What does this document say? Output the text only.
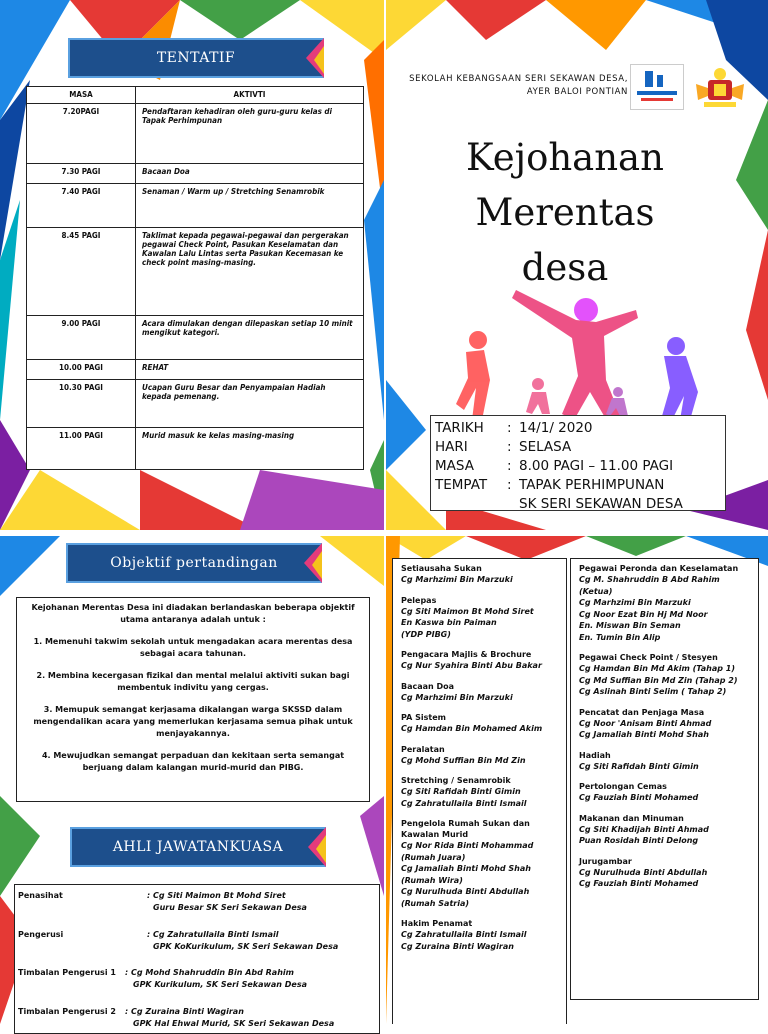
TENTATIF
MASA	AKTIVTI
7.20PAGI	Pendaftaran kehadiran oleh guru-guru kelas di Tapak Perhimpunan
7.30 PAGI	Bacaan Doa
7.40 PAGI	Senaman / Warm up / Stretching Senamrobik
8.45 PAGI	Taklimat kepada pegawai-pegawai dan pergerakan pegawai Check Point, Pasukan Keselamatan dan Kawalan Lalu Lintas serta Pasukan Kecemasan ke check point masing-masing.
9.00 PAGI	Acara dimulakan dengan dilepaskan setiap 10 minit mengikut kategori.
10.00 PAGI	REHAT
10.30 PAGI	Ucapan Guru Besar dan Penyampaian Hadiah kepada pemenang.
11.00 PAGI	Murid masuk ke kelas masing-masing
SEKOLAH KEBANGSAAN SERI SEKAWAN DESA,
AYER BALOI PONTIAN
Kejohanan
Merentas
desa
TARIKH	: 14/1/ 2020
HARI	: SELASA
MASA	: 8.00 PAGI – 11.00 PAGI
TEMPAT	: TAPAK PERHIMPUNAN
SK SERI SEKAWAN DESA
Objektif pertandingan

Kejohanan Merentas Desa ini diadakan berlandaskan beberapa objektif utama antaranya adalah untuk :

1. Memenuhi takwim sekolah untuk mengadakan acara merentas desa sebagai acara tahunan.

2. Membina kecergasan fizikal dan mental melalui aktiviti sukan bagi membentuk indivitu yang cergas.

3. Memupuk semangat kerjasama dikalangan warga SKSSD dalam mengendalikan acara yang memerlukan kerjasama semua pihak untuk menjayakannya.

4. Mewujudkan semangat perpaduan dan kekitaan serta semangat berjuang dalam kalangan murid-murid dan PIBG.

AHLI JAWATANKUASA
Penasihat	: Cg Siti Maimon Bt Mohd Siret
Guru Besar SK Seri Sekawan Desa
Pengerusi	: Cg Zahratullaila Binti Ismail
GPK KoKurikulum, SK Seri Sekawan Desa
Timbalan Pengerusi 1 : Cg Mohd Shahruddin Bin Abd Rahim
GPK Kurikulum, SK Seri Sekawan Desa
Timbalan Pengerusi 2 : Cg Zuraina Binti Wagiran
GPK Hal Ehwal Murid, SK Seri Sekawan Desa
Setiausaha Sukan
Cg Marhzimi Bin Marzuki
Pelepas
Cg Siti Maimon Bt Mohd Siret
En Kaswa bin Paiman
(YDP PIBG)
Pengacara Majlis & Brochure
Cg Nur Syahira Binti Abu Bakar
Bacaan Doa
Cg Marhzimi Bin Marzuki
PA Sistem
Cg Hamdan Bin Mohamed Akim
Peralatan
Cg Mohd Suffian Bin Md Zin
Stretching / Senamrobik
Cg Siti Rafidah Binti Gimin
Cg Zahratullaila Binti Ismail
Pengelola Rumah Sukan dan Kawalan Murid
Cg Nor Rida Binti Mohammad
(Rumah Juara)
Cg Jamaliah Binti Mohd Shah
(Rumah Wira)
Cg Nurulhuda Binti Abdullah
(Rumah Satria)
Hakim Penamat
Cg Zahratullaila Binti Ismail
Cg Zuraina Binti Wagiran
Pegawai Peronda dan Keselamatan
Cg M. Shahruddin B Abd Rahim (Ketua)
Cg Marhzimi Bin Marzuki
Cg Noor Ezat Bin Hj Md Noor
En. Miswan Bin Seman
En. Tumin Bin Alip
Pegawai Check Point / Stesyen
Cg Hamdan Bin Md Akim (Tahap 1)
Cg Md Suffian Bin Md Zin (Tahap 2)
Cg Aslinah Binti Selim ( Tahap 2)
Pencatat dan Penjaga Masa
Cg Noor 'Anisam Binti Ahmad
Cg Jamaliah Binti Mohd Shah
Hadiah
Cg Siti Rafidah Binti Gimin
Pertolongan Cemas
Cg Fauziah Binti Mohamed
Makanan dan Minuman
Cg Siti Khadijah Binti Ahmad
Puan Rosidah Binti Delong
Jurugambar
Cg Nurulhuda Binti Abdullah
Cg Fauziah Binti Mohamed
